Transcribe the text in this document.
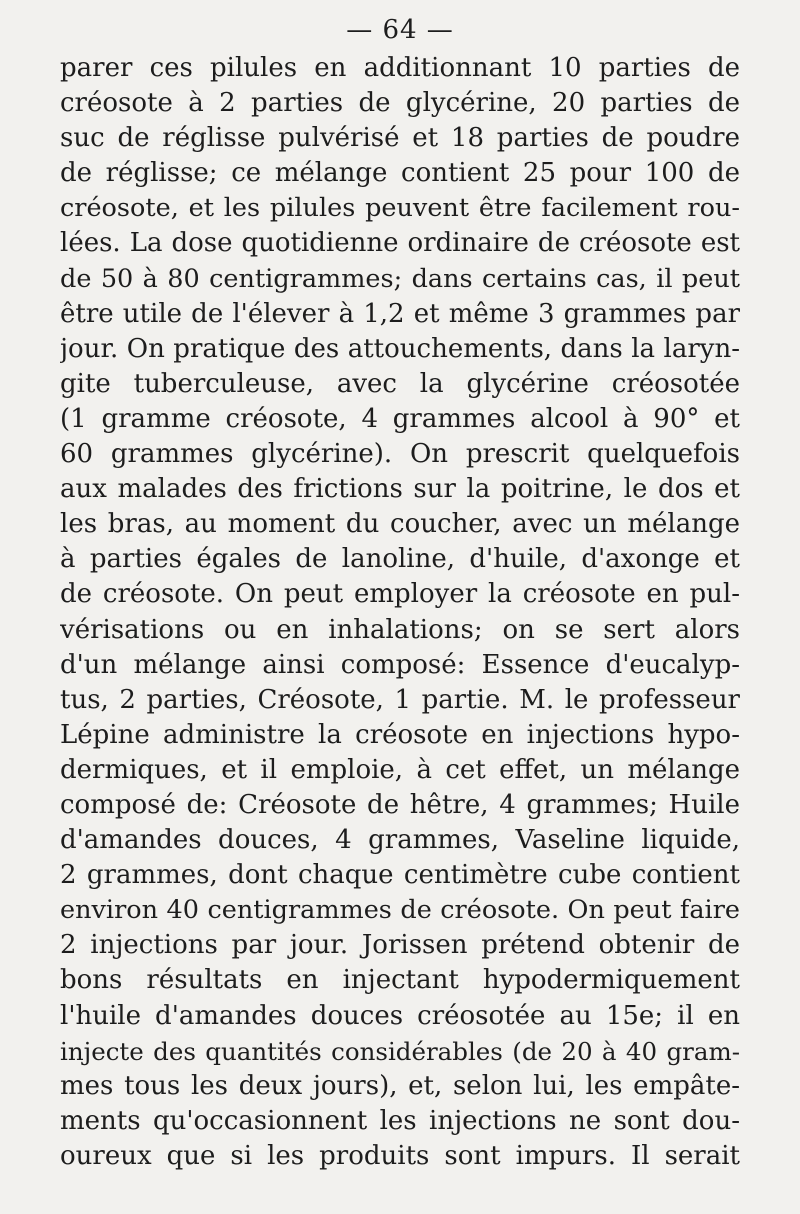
— 64 —
parer ces pilules en additionnant 10 parties de
créosote à 2 parties de glycérine, 20 parties de
suc de réglisse pulvérisé et 18 parties de poudre
de réglisse; ce mélange contient 25 pour 100 de
créosote, et les pilules peuvent être facilement rou-
lées. La dose quotidienne ordinaire de créosote est
de 50 à 80 centigrammes; dans certains cas, il peut
être utile de l'élever à 1,2 et même 3 grammes par
jour. On pratique des attouchements, dans la laryn-
gite tuberculeuse, avec la glycérine créosotée
(1 gramme créosote, 4 grammes alcool à 90° et
60 grammes glycérine). On prescrit quelquefois
aux malades des frictions sur la poitrine, le dos et
les bras, au moment du coucher, avec un mélange
à parties égales de lanoline, d'huile, d'axonge et
de créosote. On peut employer la créosote en pul-
vérisations ou en inhalations; on se sert alors
d'un mélange ainsi composé: Essence d'eucalyp-
tus, 2 parties, Créosote, 1 partie. M. le professeur
Lépine administre la créosote en injections hypo-
dermiques, et il emploie, à cet effet, un mélange
composé de: Créosote de hêtre, 4 grammes; Huile
d'amandes douces, 4 grammes, Vaseline liquide,
2 grammes, dont chaque centimètre cube contient
environ 40 centigrammes de créosote. On peut faire
2 injections par jour. Jorissen prétend obtenir de
bons résultats en injectant hypodermiquement
l'huile d'amandes douces créosotée au 15e; il en
injecte des quantités considérables (de 20 à 40 gram-
mes tous les deux jours), et, selon lui, les empâte-
ments qu'occasionnent les injections ne sont dou-
oureux que si les produits sont impurs. Il serait
